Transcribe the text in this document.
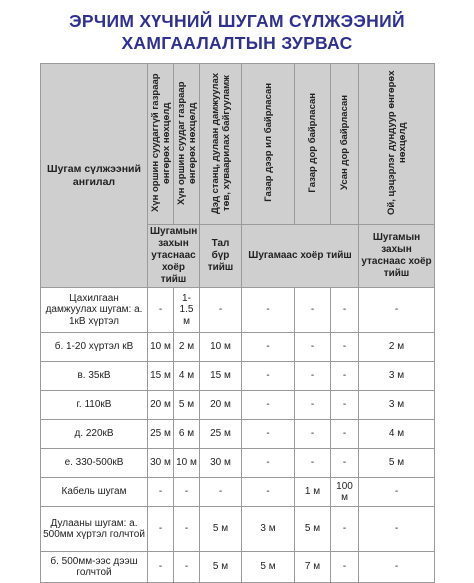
ЭРЧИМ ХҮЧНИЙ ШУГАМ СҮЛЖЭЭНИЙ
ХАМГААЛАЛТЫН ЗУРВАС
Шугам сүлжээний ангилал	Хүн оршин суудаггүй газраар өнгөрөх нөхцөлд	Хүн оршин суудаг газраар өнгөрөх нөхцөлд	Дэд станц, дулаан дамжуулах төв, хуваарилах байгууламж	Газар дээр ил байрласан	Газар дор байрласан	Усан дор байрласан	Ой, цэцэрлэг дундуур өнгөрөх нөхцөлд
	Шугамын захын утаснаас хоёр тийш		Тал бүр тийш	Шугамаас хоёр тийш			Шугамын захын утаснаас хоёр тийш
Цахилгаан дамжуулах шугам: а. 1кВ хүртэл	-	1-1.5 м	-	-	-	-	-
б. 1-20 хүртэл кВ	10 м	2 м	10 м	-	-	-	2 м
в. 35кВ	15 м	4 м	15 м	-	-	-	3 м
г. 110кВ	20 м	5 м	20 м	-	-	-	3 м
д. 220кВ	25 м	6 м	25 м	-	-	-	4 м
е. 330-500кВ	30 м	10 м	30 м	-	-	-	5 м
Кабель шугам	-	-	-	-	1 м	100 м	-
Дулааны шугам: а. 500мм хүртэл голчтой	-	-	5 м	3 м	5 м	-	-
б. 500мм-ээс дээш голчтой	-	-	5 м	5 м	7 м	-	-
